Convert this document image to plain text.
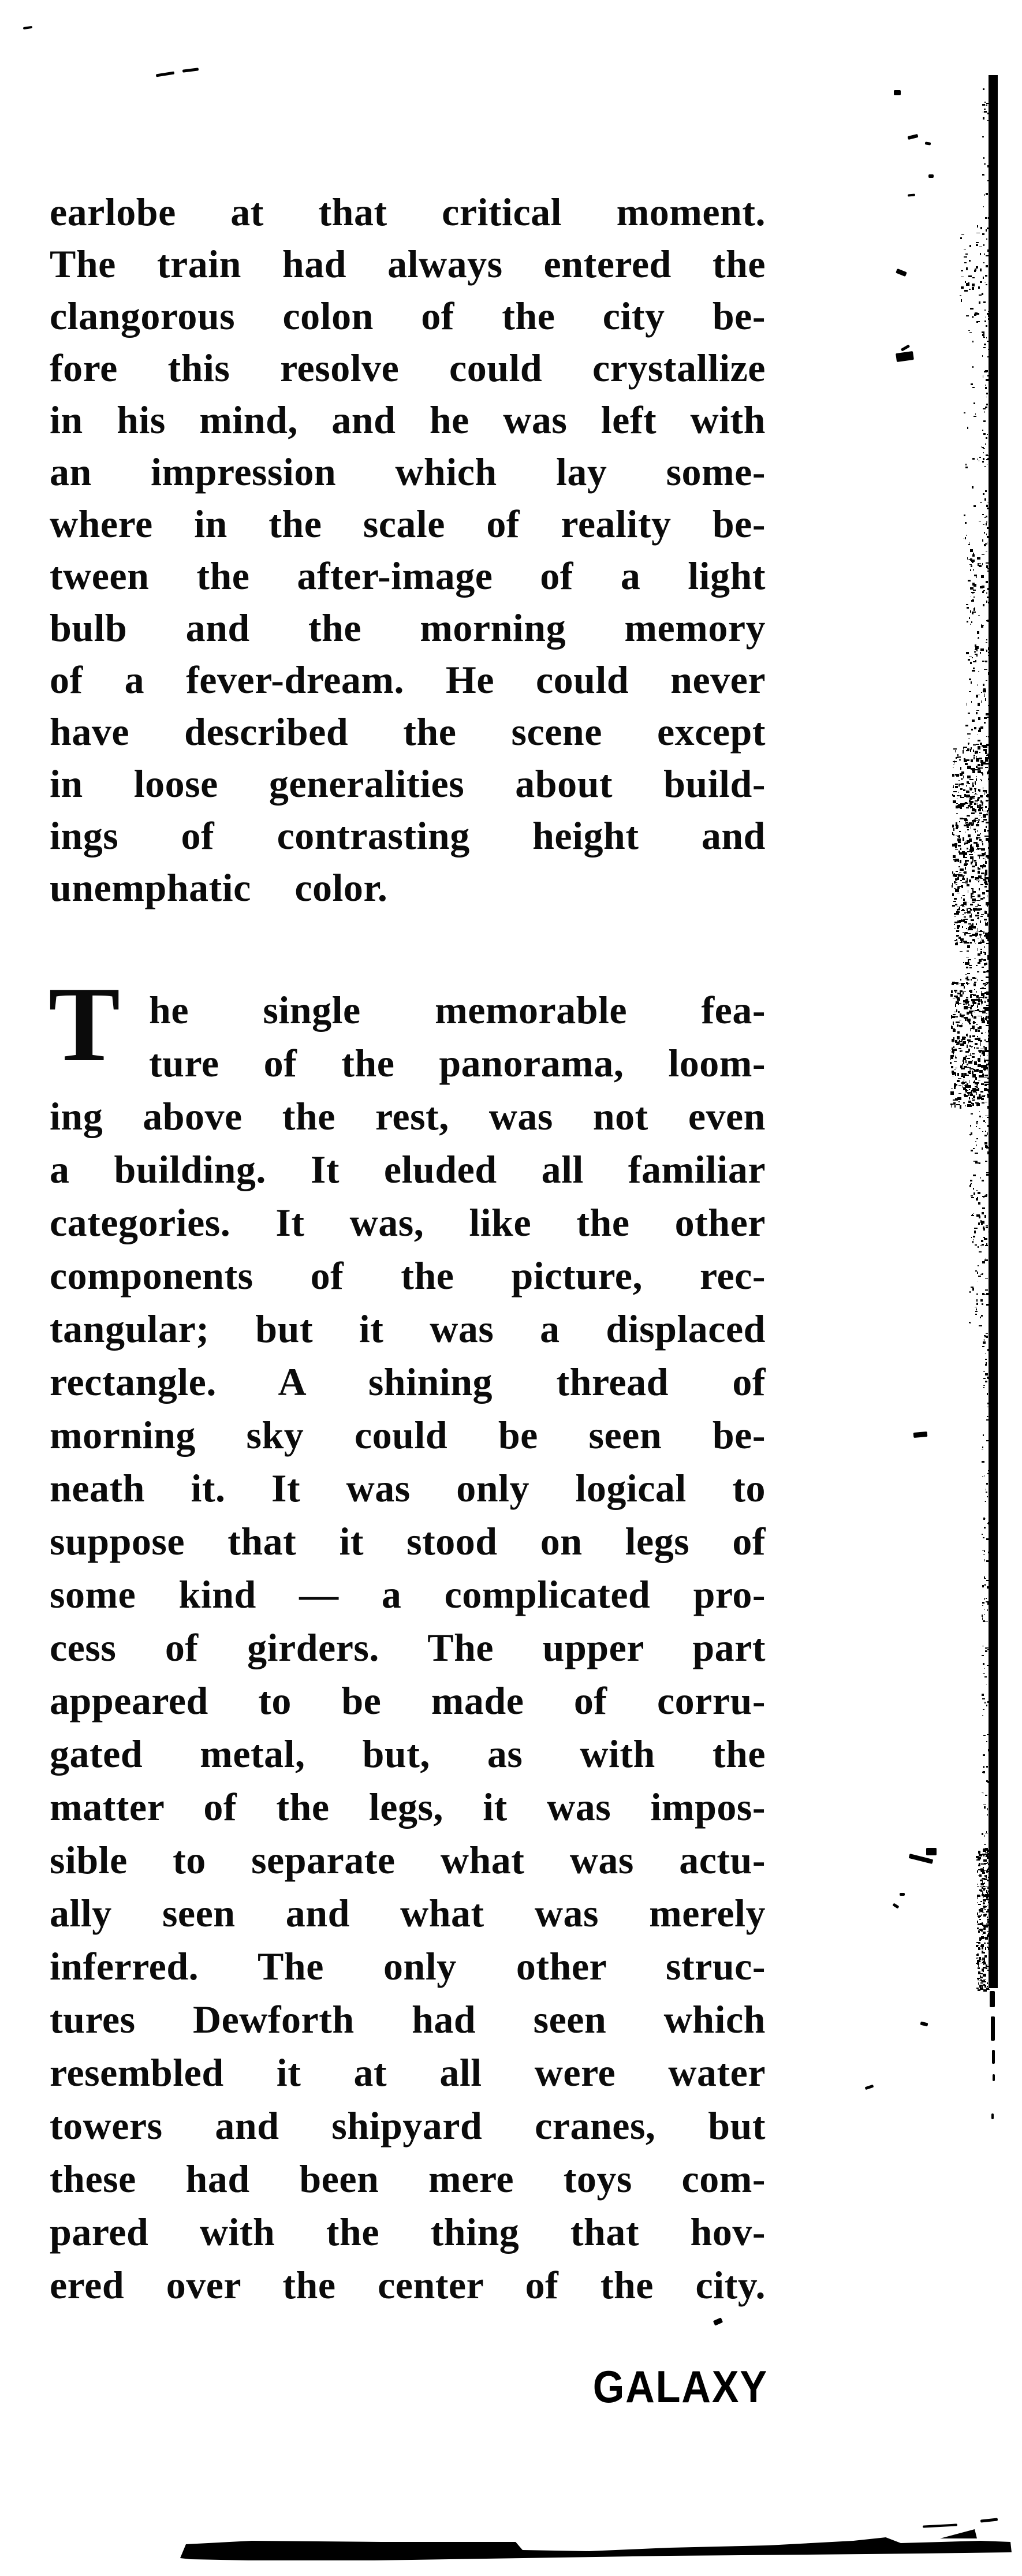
earlobe at that critical moment.
The train had always entered the
clangorous colon of the city be-
fore this resolve could crystallize
in his mind, and he was left with
an impression which lay some-
where in the scale of reality be-
tween the after-image of a light
bulb and the morning memory
of a fever-dream. He could never
have described the scene except
in loose generalities about build-
ings of contrasting height and
unemphatic color.
T he single memorable fea-
ture of the panorama, loom-
ing above the rest, was not even
a building. It eluded all familiar
categories. It was, like the other
components of the picture, rec-
tangular; but it was a displaced
rectangle. A shining thread of
morning sky could be seen be-
neath it. It was only logical to
suppose that it stood on legs of
some kind — a complicated pro-
cess of girders. The upper part
appeared to be made of corru-
gated metal, but, as with the
matter of the legs, it was impos-
sible to separate what was actu-
ally seen and what was merely
inferred. The only other struc-
tures Dewforth had seen which
resembled it at all were water
towers and shipyard cranes, but
these had been mere toys com-
pared with the thing that hov-
ered over the center of the city.
GALAXY
